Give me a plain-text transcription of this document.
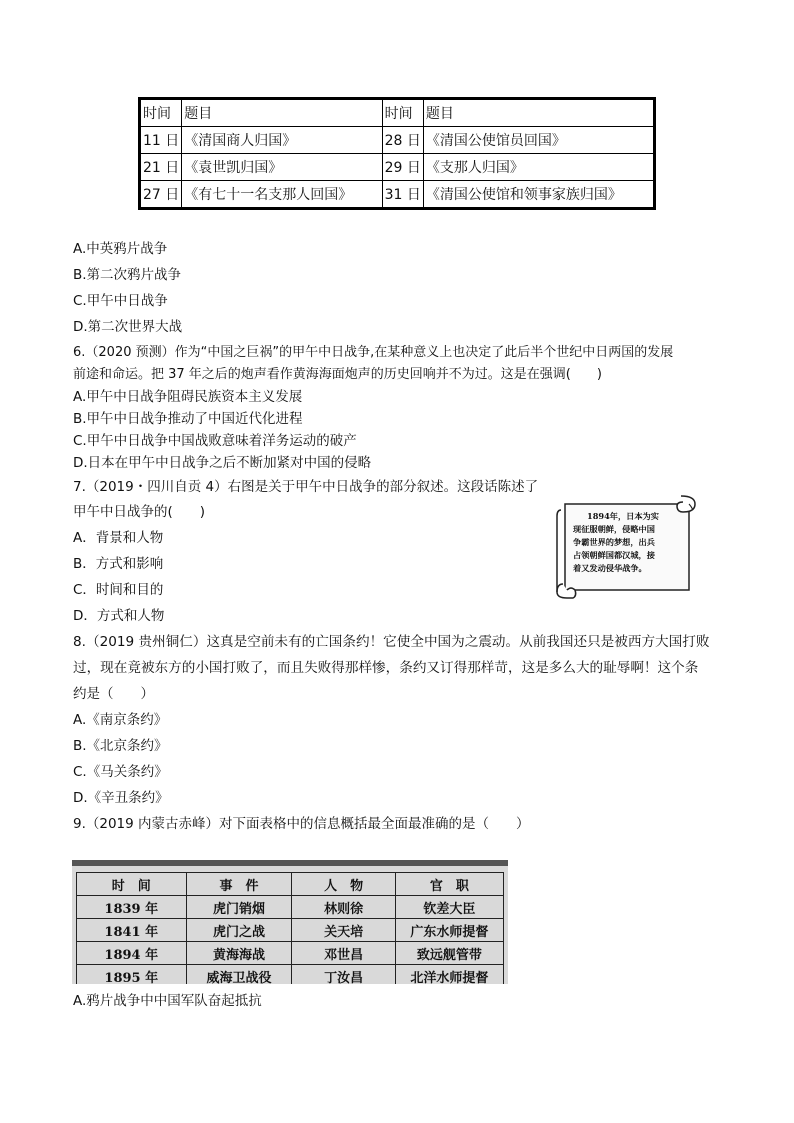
时间	题目	时间	题目
11 日	《清国商人归国》	28 日	《清国公使馆员回国》
21 日	《袁世凯归国》	29 日	《支那人归国》
27 日	《有七十一名支那人回国》	31 日	《清国公使馆和领事家族归国》
A.中英鸦片战争
B.第二次鸦片战争
C.甲午中日战争
D.第二次世界大战
6.（2020 预测）作为“中国之巨祸”的甲午中日战争,在某种意义上也决定了此后半个世纪中日两国的发展
前途和命运。把 37 年之后的炮声看作黄海海面炮声的历史回响并不为过。这是在强调(　　)
A.甲午中日战争阻碍民族资本主义发展
B.甲午中日战争推动了中国近代化进程
C.甲午中日战争中国战败意味着洋务运动的破产
D.日本在甲午中日战争之后不断加紧对中国的侵略
7.（2019・四川自贡 4）右图是关于甲午中日战争的部分叙述。这段话陈述了
甲午中日战争的(　　)
A．背景和人物
B．方式和影响
C．时间和目的
D．方式和人物
1894年，日本为实
现征服朝鲜，侵略中国
争霸世界的梦想，出兵
占领朝鲜国都汉城，接
着又发动侵华战争。
8.（2019 贵州铜仁）这真是空前未有的亡国条约！它使全中国为之震动。从前我国还只是被西方大国打败
过，现在竟被东方的小国打败了，而且失败得那样惨，条约又订得那样苛，这是多么大的耻辱啊！这个条
约是（　　）
A.《南京条约》
B.《北京条约》
C.《马关条约》
D.《辛丑条约》
9.（2019 内蒙古赤峰）对下面表格中的信息概括最全面最准确的是（　　）
时　间	事　件	人　物	官　职
1839 年	虎门销烟	林则徐	钦差大臣
1841 年	虎门之战	关天培	广东水师提督
1894 年	黄海海战	邓世昌	致远舰管带
1895 年	威海卫战役	丁汝昌	北洋水师提督
A.鸦片战争中中国军队奋起抵抗
